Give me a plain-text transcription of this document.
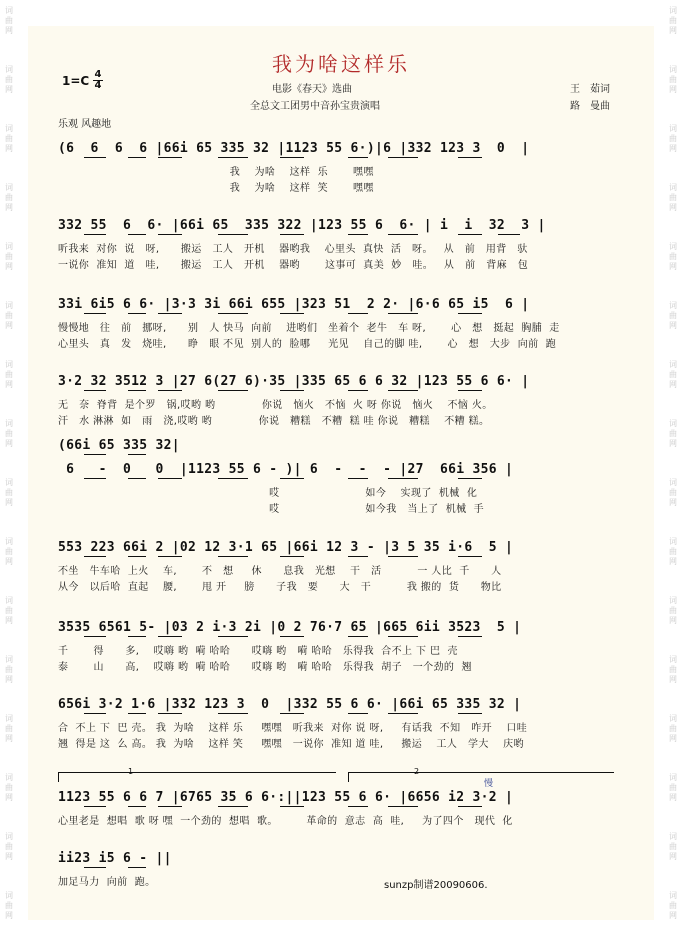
词
曲
网
词
曲
网
词
曲
网
词
曲
网
词
曲
网
词
曲
网
词
曲
网
词
曲
网
词
曲
网
词
曲
网
词
曲
网
词
曲
网
词
曲
网
词
曲
网
词
曲
网
词
曲
网
词
曲
网
词
曲
网
词
曲
网
词
曲
网
词
曲
网
词
曲
网
词
曲
网
词
曲
网
词
曲
网
词
曲
网
词
曲
网
词
曲
网
词
曲
网
词
曲
网
词
曲
网
词
曲
网
我为啥这样乐
$1=C \frac{4}{4}$	电影《春天》选曲
全总文工团男中音孙宝贵演唱
王　茹词
路　曼曲
乐观 风趣地
(6  6  6  6 |66i 65 335 32 |1123 55 6·)|6 |332 123 3  0  |
我    为啥    这样  乐       嘿嘿
我    为啥    这样  笑       嘿嘿
332 55  6  6· |66i 65  335 322 |123 55 6  6· | i  i  32  3 |
听我来  对你  说   呀,      搬运   工人   开机    器哟我    心里头  真快  活   呀。   从   前   用背   驮
一说你  准知  道   哇,      搬运   工人   开机    器哟       这事可  真美  妙   哇。   从   前   背麻   包
33i 6i5 6 6· |3·3 3i 66i 655 |323 51  2 2· |6·6 65 i5  6 |
慢慢地   往   前   挪呀,      别   人 快马  向前    进哟们   坐着个  老牛   车 呀,       心   想   挺起  胸脯  走
心里头   真   发   烧哇,      睁   眼 不见  别人的  脸哪     光见    自己的脚 哇,       心   想   大步  向前  跑
3·2 32 3512 3 |27 6(27 6)·35 |335 65 6 6 32 |123 55 6 6· |
无   奈  脊背  是个罗   锅,哎哟 哟             你说   恼火   不恼  火 呀 你说   恼火    不恼 火。
汗   水 淋淋  如   雨   浇,哎哟 哟             你说   糟糕   不糟  糕 哇 你说   糟糕    不糟 糕。
(66i 65 335 32|
6   -  0   0  |1123 55 6 - )| 6  -  -  - |27  66i 356 |
哎                        如今    实现了  机械  化
哎                        如今我   当上了  机械  手
553 223 66i 2 |02 12 3·1 65 |66i 12 3 - |3 5 35 i·6  5 |
不坐   牛车哈  上火    车,       不   想     休      息我   光想    干   活          一 人比  千      人
从今   以后哈  直起    腰,       甩 开     膀      子我   要      大   干          我 搬的  货      物比
3535 6561 5- |03 2 i·3 2i |0 2 76·7 65 |665 6ii 3523  5 |
千       得      多,    哎嗨 哟  嗬 哈哈      哎嗨 哟   嗬 哈哈   乐得我  合不上 下 巴  壳
泰       山      高,    哎嗨 哟  嗬 哈哈      哎嗨 哟   嗬 哈哈   乐得我  胡子   一个劲的  翘
656i 3·2 1·6 |332 123 3  0  |332 55 6 6· |66i 65 335 32 |
合  不上 下  巴 壳。 我  为啥    这样 乐     嘿嘿   听我来  对你 说 呀,     有话我  不知   咋开    口哇
翘  得是 这  么 高。 我  为啥    这样 笑     嘿嘿   一说你  准知 道 哇,     搬运    工人   学大    庆哟
1123 55 6 6 7 |6765 35 6 6·:||123 55 6 6· |6656 i2 3·2 |
心里老是  想唱  歌 呀 嘿  一个劲的  想唱  歌。        革命的  意志  高  哇,     为了四个   现代  化
ii23 i5 6 - ||
加足马力  向前  跑。
1	2
慢
sunzp制谱20090606.
